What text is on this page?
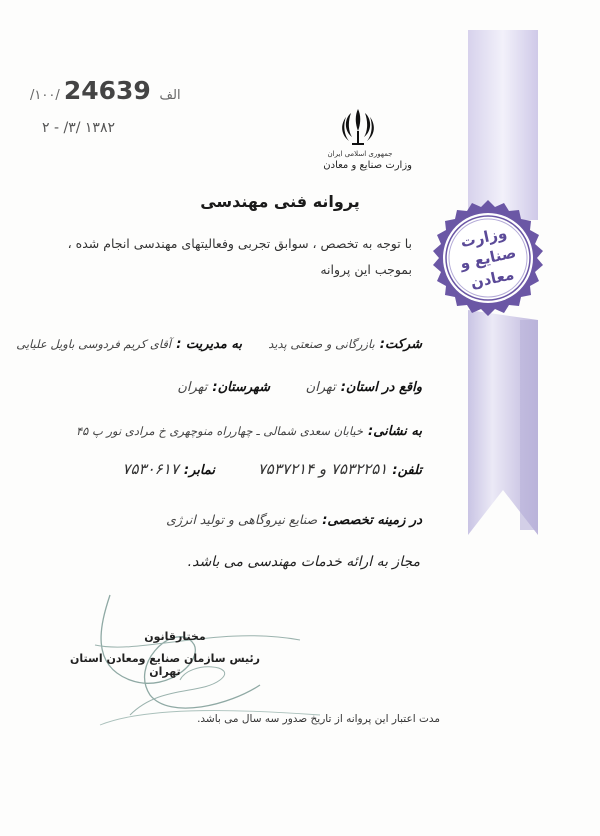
وزارت
صنایع و
معادن
/۱۰۰/ الف 24639
۱۳۸۲ /۳/ - ۲
جمهوری اسلامی ایران
وزارت صنایع و معادن
پروانه فنی مهندسی
با توجه به تخصص ، سوابق تجربی وفعالیتهای مهندسی انجام شده ،
بموجب این پروانه
شرکت: بازرگانی و صنعتی پدید
به مدیریت : آقای کریم فردوسی باویل علیایی
واقع در استان: تهران
شهرستان: تهران
به نشانی: خیابان سعدی شمالی ـ چهارراه منوچهری خ مرادی نور پ ۴۵
تلفن: ۷۵۳۲۲۵۱ و ۷۵۳۷۲۱۴
نمابر: ۷۵۳۰۶۱۷
در زمینه تخصصی: صنایع نیروگاهی و تولید انرژی
مجاز به ارائه خدمات مهندسی می باشد.
مختارقانون
رئیس سازمان صنایع ومعادن استان تهران
مدت اعتبار این پروانه از تاریخ صدور سه سال می باشد.
